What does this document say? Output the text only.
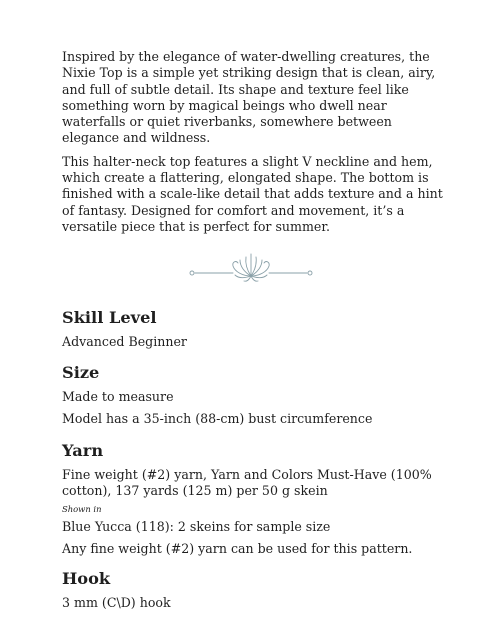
Inspired by the elegance of water-dwelling creatures, the Nixie Top is a simple yet striking design that is clean, airy, and full of subtle detail. Its shape and texture feel like something worn by magical beings who dwell near waterfalls or quiet riverbanks, somewhere between elegance and wildness.

This halter-neck top features a slight V neckline and hem, which create a flattering, elongated shape. The bottom is finished with a scale-like detail that adds texture and a hint of fantasy. Designed for comfort and movement, it’s a versatile piece that is perfect for summer.

Skill Level

Advanced Beginner

Size

Made to measure

Model has a 35-inch (88-cm) bust circumference

Yarn

Fine weight (#2) yarn, Yarn and Colors Must-Have (100% cotton), 137 yards (125 m) per 50 g skein

Shown in

Blue Yucca (118): 2 skeins for sample size

Any fine weight (#2) yarn can be used for this pattern.

Hook

3 mm (C\D) hook
